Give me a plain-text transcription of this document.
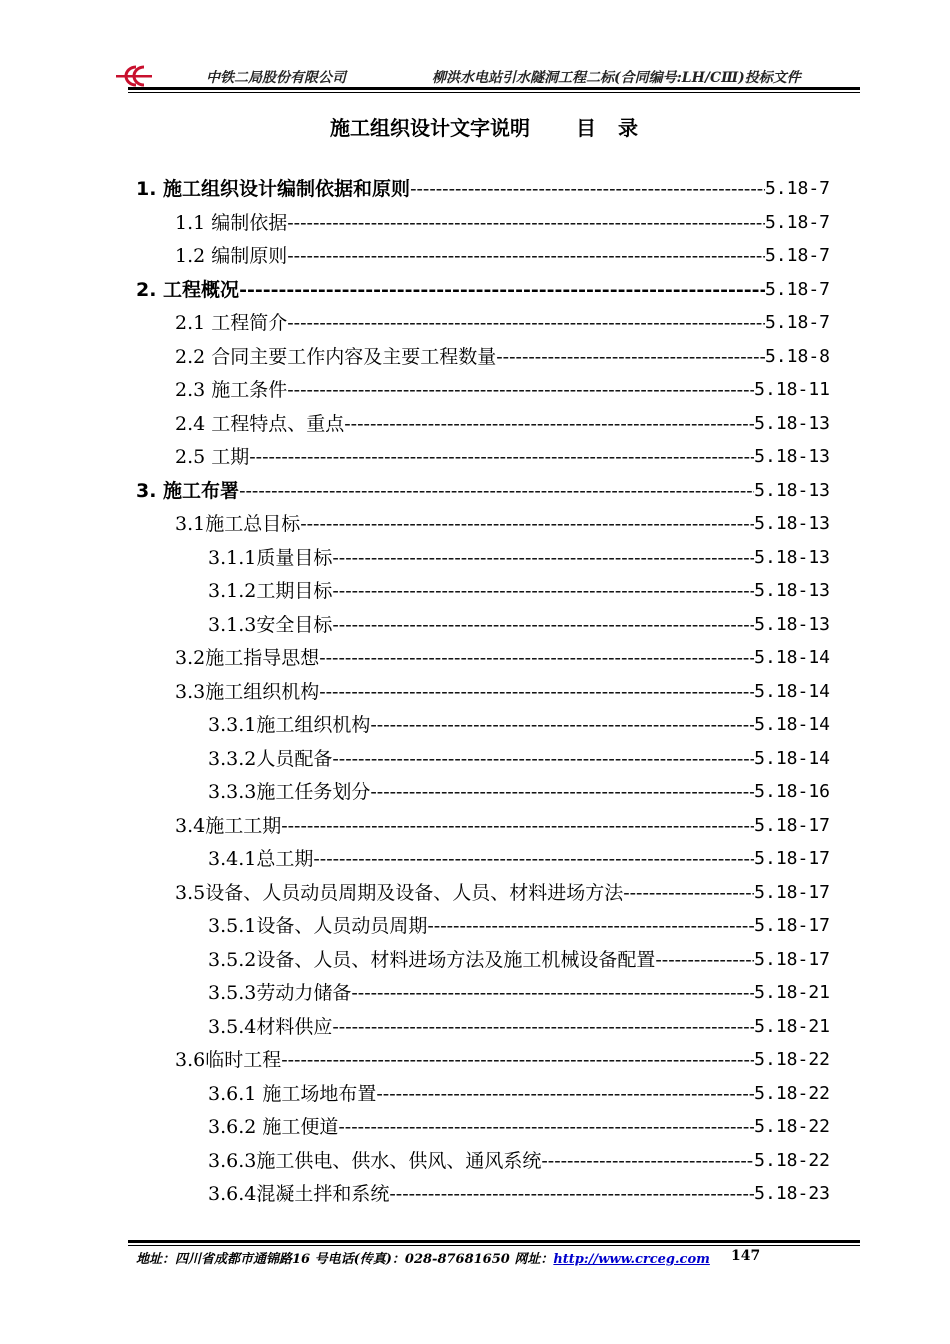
中铁二局股份有限公司	柳洪水电站引水隧洞工程二标(合同编号:LH/CⅢ)投标文件
施工组织设计文字说明 目录
1. 施工组织设计编制依据和原则 -----	5.18-7
1.1 编制依据 -----	5.18-7
1.2 编制原则 -----	5.18-7
2. 工程概况 -----	5.18-7
2.1 工程简介 -----	5.18-7
2.2 合同主要工作内容及主要工程数量 -----	5.18-8
2.3 施工条件 -----	5.18-11
2.4 工程特点、重点 -----	5.18-13
2.5 工期 -----	5.18-13
3. 施工布署 -----	5.18-13
3.1施工总目标 -----	5.18-13
3.1.1质量目标 -----	5.18-13
3.1.2工期目标 -----	5.18-13
3.1.3安全目标 -----	5.18-13
3.2施工指导思想 -----	5.18-14
3.3施工组织机构 -----	5.18-14
3.3.1施工组织机构 -----	5.18-14
3.3.2人员配备 -----	5.18-14
3.3.3施工任务划分 -----	5.18-16
3.4施工工期 -----	5.18-17
3.4.1总工期 -----	5.18-17
3.5设备、人员动员周期及设备、人员、材料进场方法 -----	5.18-17
3.5.1设备、人员动员周期 -----	5.18-17
3.5.2设备、人员、材料进场方法及施工机械设备配置 -----	5.18-17
3.5.3劳动力储备 -----	5.18-21
3.5.4材料供应 -----	5.18-21
3.6临时工程 -----	5.18-22
3.6.1 施工场地布置 -----	5.18-22
3.6.2 施工便道 -----	5.18-22
3.6.3施工供电、供水、供风、通风系统 -----	5.18-22
3.6.4混凝土拌和系统 -----	5.18-23
地址：四川省成都市通锦路16 号电话(传真)：028-87681650 网址：http://www.crceg.com 147
